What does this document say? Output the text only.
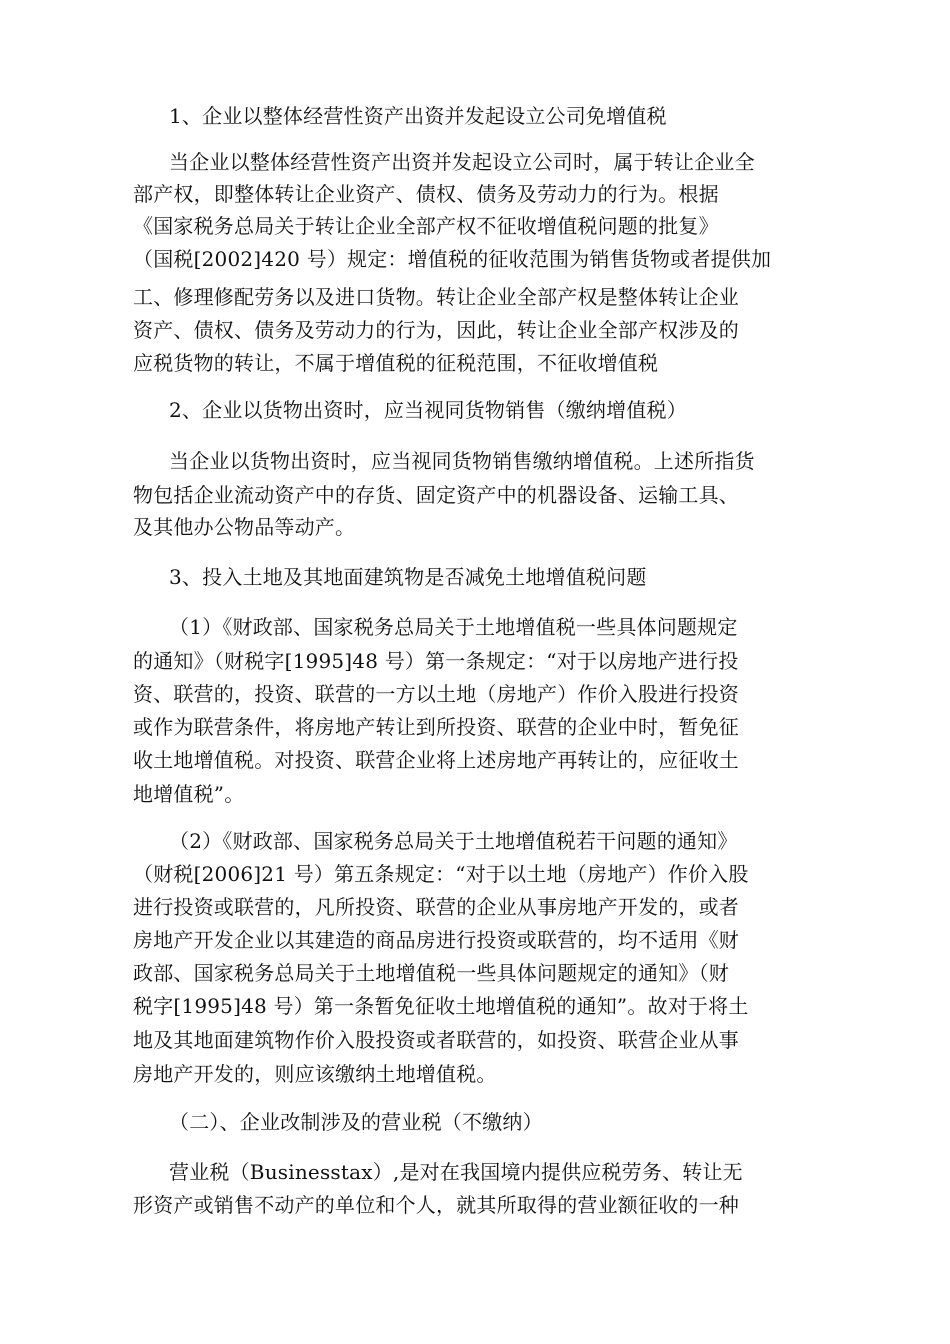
1、企业以整体经营性资产出资并发起设立公司免增值税
当企业以整体经营性资产出资并发起设立公司时，属于转让企业全
部产权，即整体转让企业资产、债权、债务及劳动力的行为。根据
《国家税务总局关于转让企业全部产权不征收增值税问题的批复》
（国税[2002]420 号）规定：增值税的征收范围为销售货物或者提供加
工、修理修配劳务以及进口货物。转让企业全部产权是整体转让企业
资产、债权、债务及劳动力的行为，因此，转让企业全部产权涉及的
应税货物的转让，不属于增值税的征税范围，不征收增值税
2、企业以货物出资时，应当视同货物销售（缴纳增值税）
当企业以货物出资时，应当视同货物销售缴纳增值税。上述所指货
物包括企业流动资产中的存货、固定资产中的机器设备、运输工具、
及其他办公物品等动产。
3、投入土地及其地面建筑物是否减免土地增值税问题
（1）《财政部、国家税务总局关于土地增值税一些具体问题规定
的通知》（财税字[1995]48 号）第一条规定：“对于以房地产进行投
资、联营的，投资、联营的一方以土地（房地产）作价入股进行投资
或作为联营条件，将房地产转让到所投资、联营的企业中时，暂免征
收土地增值税。对投资、联营企业将上述房地产再转让的，应征收土
地增值税”。
（2）《财政部、国家税务总局关于土地增值税若干问题的通知》
（财税[2006]21 号）第五条规定：“对于以土地（房地产）作价入股
进行投资或联营的，凡所投资、联营的企业从事房地产开发的，或者
房地产开发企业以其建造的商品房进行投资或联营的，均不适用《财
政部、国家税务总局关于土地增值税一些具体问题规定的通知》（财
税字[1995]48 号）第一条暂免征收土地增值税的通知”。故对于将土
地及其地面建筑物作价入股投资或者联营的，如投资、联营企业从事
房地产开发的，则应该缴纳土地增值税。
（二）、企业改制涉及的营业税（不缴纳）
营业税（Businesstax）,是对在我国境内提供应税劳务、转让无
形资产或销售不动产的单位和个人，就其所取得的营业额征收的一种
